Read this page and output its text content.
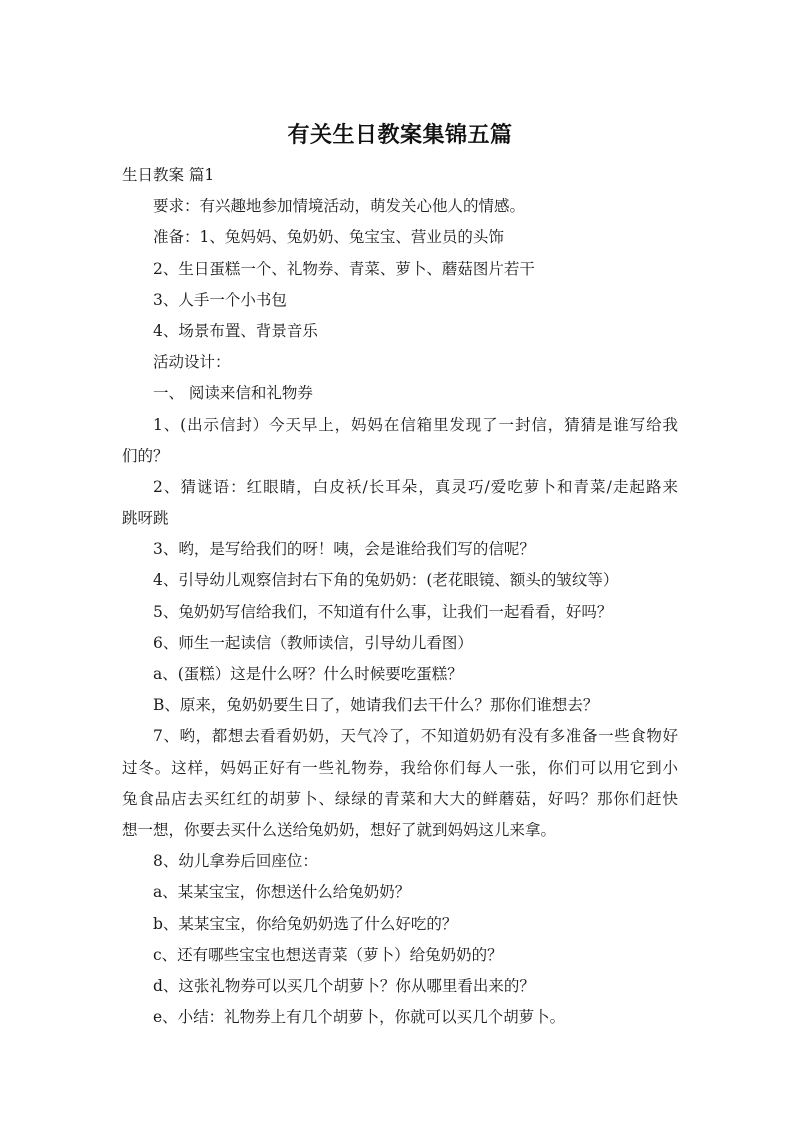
有关生日教案集锦五篇
生日教案 篇1
要求：有兴趣地参加情境活动，萌发关心他人的情感。
准备：1、兔妈妈、兔奶奶、兔宝宝、营业员的头饰
2、生日蛋糕一个、礼物券、青菜、萝卜、蘑菇图片若干
3、人手一个小书包
4、场景布置、背景音乐
活动设计：
一、 阅读来信和礼物券
1、(出示信封）今天早上，妈妈在信箱里发现了一封信，猜猜是谁写给我
们的？
2、猜谜语：红眼睛，白皮袄/长耳朵，真灵巧/爱吃萝卜和青菜/走起路来
跳呀跳
3、哟，是写给我们的呀！咦，会是谁给我们写的信呢？
4、引导幼儿观察信封右下角的兔奶奶：(老花眼镜、额头的皱纹等）
5、兔奶奶写信给我们，不知道有什么事，让我们一起看看，好吗？
6、师生一起读信（教师读信，引导幼儿看图）
a、(蛋糕）这是什么呀？什么时候要吃蛋糕？
B、原来，兔奶奶要生日了，她请我们去干什么？那你们谁想去？
7、哟，都想去看看奶奶，天气冷了，不知道奶奶有没有多准备一些食物好
过冬。这样，妈妈正好有一些礼物券，我给你们每人一张，你们可以用它到小
兔食品店去买红红的胡萝卜、绿绿的青菜和大大的鲜蘑菇，好吗？那你们赶快
想一想，你要去买什么送给兔奶奶，想好了就到妈妈这儿来拿。
8、幼儿拿券后回座位：
a、某某宝宝，你想送什么给兔奶奶？
b、某某宝宝，你给兔奶奶选了什么好吃的？
c、还有哪些宝宝也想送青菜（萝卜）给兔奶奶的？
d、这张礼物券可以买几个胡萝卜？你从哪里看出来的？
e、小结：礼物券上有几个胡萝卜，你就可以买几个胡萝卜。
